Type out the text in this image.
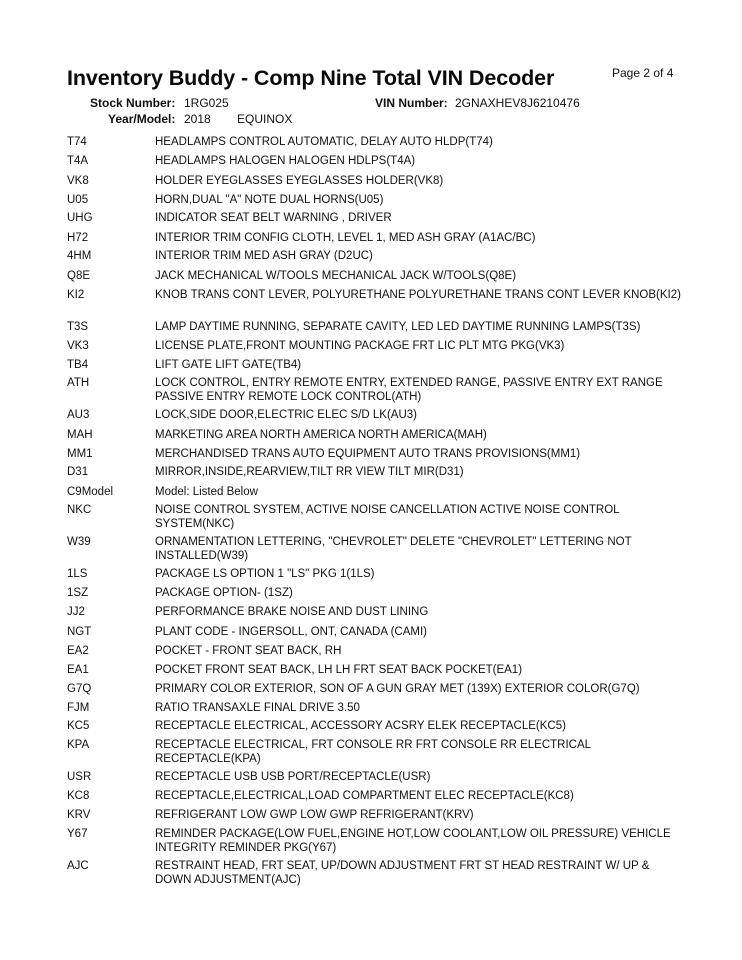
Inventory Buddy - Comp Nine Total VIN Decoder	Page 2 of 4
Stock Number: 1RG025	VIN Number: 2GNAXHEV8J6210476
Year/Model: 2018 EQUINOX
T74	HEADLAMPS CONTROL AUTOMATIC, DELAY AUTO HLDP(T74)
T4A	HEADLAMPS HALOGEN HALOGEN HDLPS(T4A)
VK8	HOLDER EYEGLASSES EYEGLASSES HOLDER(VK8)
U05	HORN,DUAL "A" NOTE DUAL HORNS(U05)
UHG	INDICATOR SEAT BELT WARNING , DRIVER
H72	INTERIOR TRIM CONFIG CLOTH, LEVEL 1, MED ASH GRAY (A1AC/BC)
4HM	INTERIOR TRIM MED ASH GRAY (D2UC)
Q8E	JACK MECHANICAL W/TOOLS MECHANICAL JACK W/TOOLS(Q8E)
KI2	KNOB TRANS CONT LEVER, POLYURETHANE POLYURETHANE TRANS CONT LEVER KNOB(KI2)
T3S	LAMP DAYTIME RUNNING, SEPARATE CAVITY, LED LED DAYTIME RUNNING LAMPS(T3S)
VK3	LICENSE PLATE,FRONT MOUNTING PACKAGE FRT LIC PLT MTG PKG(VK3)
TB4	LIFT GATE LIFT GATE(TB4)
ATH	LOCK CONTROL, ENTRY REMOTE ENTRY, EXTENDED RANGE, PASSIVE ENTRY EXT RANGE PASSIVE ENTRY REMOTE LOCK CONTROL(ATH)
AU3	LOCK,SIDE DOOR,ELECTRIC ELEC S/D LK(AU3)
MAH	MARKETING AREA NORTH AMERICA NORTH AMERICA(MAH)
MM1	MERCHANDISED TRANS AUTO EQUIPMENT AUTO TRANS PROVISIONS(MM1)
D31	MIRROR,INSIDE,REARVIEW,TILT RR VIEW TILT MIR(D31)
C9Model	Model: Listed Below
NKC	NOISE CONTROL SYSTEM, ACTIVE NOISE CANCELLATION ACTIVE NOISE CONTROL SYSTEM(NKC)
W39	ORNAMENTATION LETTERING, "CHEVROLET" DELETE "CHEVROLET" LETTERING NOT INSTALLED(W39)
1LS	PACKAGE LS OPTION 1 "LS" PKG 1(1LS)
1SZ	PACKAGE OPTION- (1SZ)
JJ2	PERFORMANCE BRAKE NOISE AND DUST LINING
NGT	PLANT CODE - INGERSOLL, ONT, CANADA (CAMI)
EA2	POCKET - FRONT SEAT BACK, RH
EA1	POCKET FRONT SEAT BACK, LH LH FRT SEAT BACK POCKET(EA1)
G7Q	PRIMARY COLOR EXTERIOR, SON OF A GUN GRAY MET (139X) EXTERIOR COLOR(G7Q)
FJM	RATIO TRANSAXLE FINAL DRIVE 3.50
KC5	RECEPTACLE ELECTRICAL, ACCESSORY ACSRY ELEK RECEPTACLE(KC5)
KPA	RECEPTACLE ELECTRICAL, FRT CONSOLE RR FRT CONSOLE RR ELECTRICAL RECEPTACLE(KPA)
USR	RECEPTACLE USB USB PORT/RECEPTACLE(USR)
KC8	RECEPTACLE,ELECTRICAL,LOAD COMPARTMENT ELEC RECEPTACLE(KC8)
KRV	REFRIGERANT LOW GWP LOW GWP REFRIGERANT(KRV)
Y67	REMINDER PACKAGE(LOW FUEL,ENGINE HOT,LOW COOLANT,LOW OIL PRESSURE) VEHICLE INTEGRITY REMINDER PKG(Y67)
AJC	RESTRAINT HEAD, FRT SEAT, UP/DOWN ADJUSTMENT FRT ST HEAD RESTRAINT W/ UP & DOWN ADJUSTMENT(AJC)
